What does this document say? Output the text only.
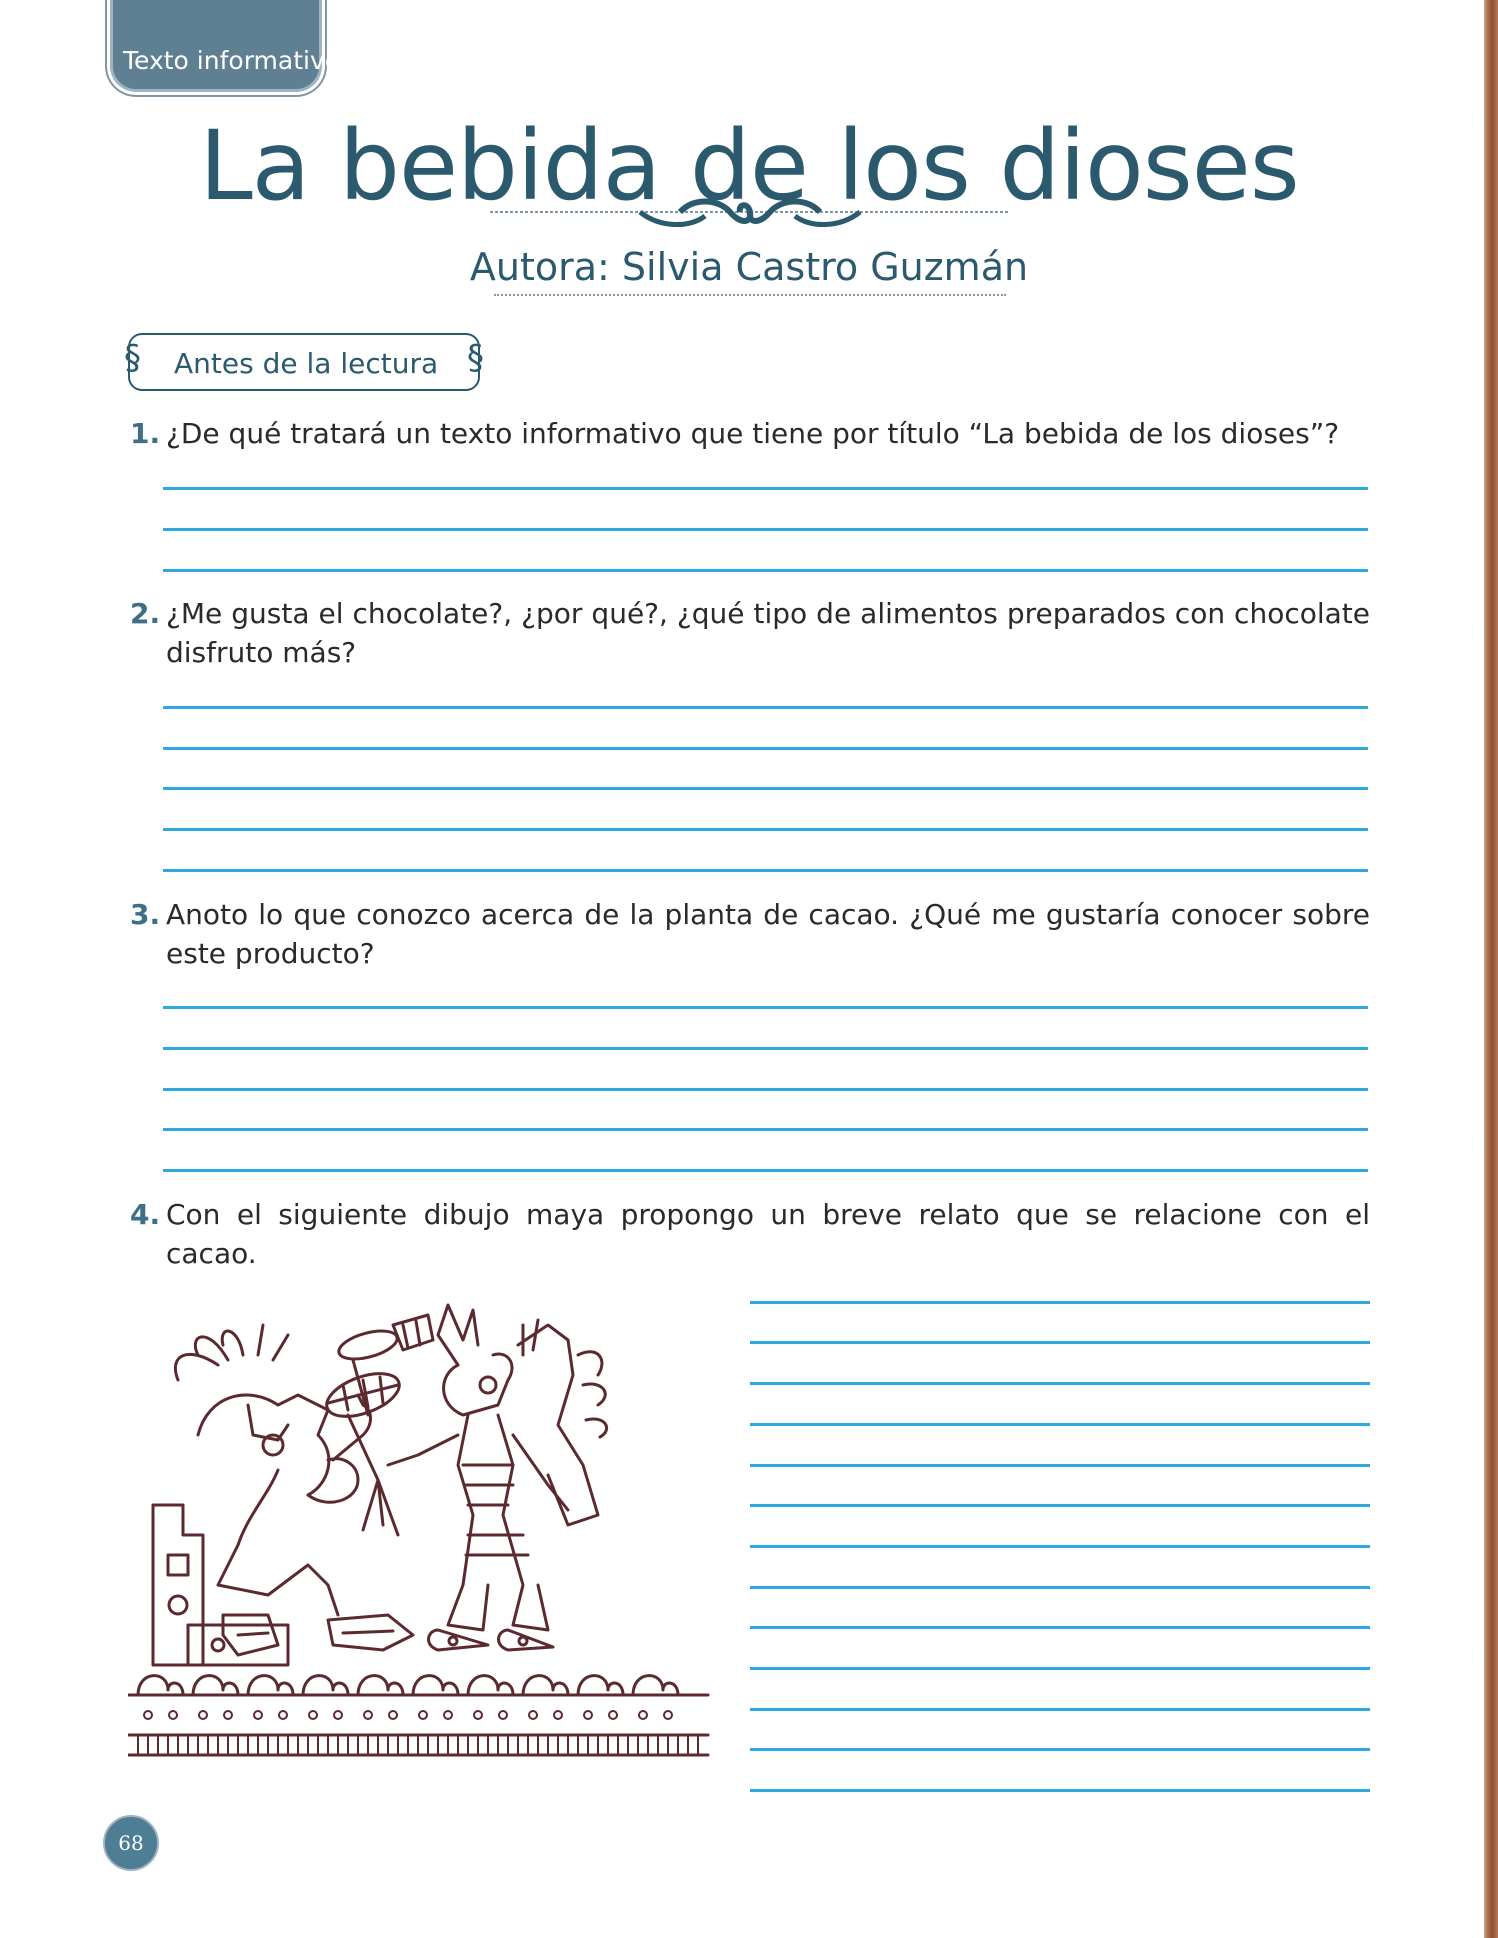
Texto informativo
La bebida de los dioses
Autora: Silvia Castro Guzmán
§ Antes de la lectura §
1. ¿De qué tratará un texto informativo que tiene por título “La bebida de los dioses”?
2. ¿Me gusta el chocolate?, ¿por qué?, ¿qué tipo de alimentos preparados con chocolate disfruto más?
3. Anoto lo que conozco acerca de la planta de cacao. ¿Qué me gustaría conocer sobre este producto?
4. Con el siguiente dibujo maya propongo un breve relato que se relacione con el cacao.
68
